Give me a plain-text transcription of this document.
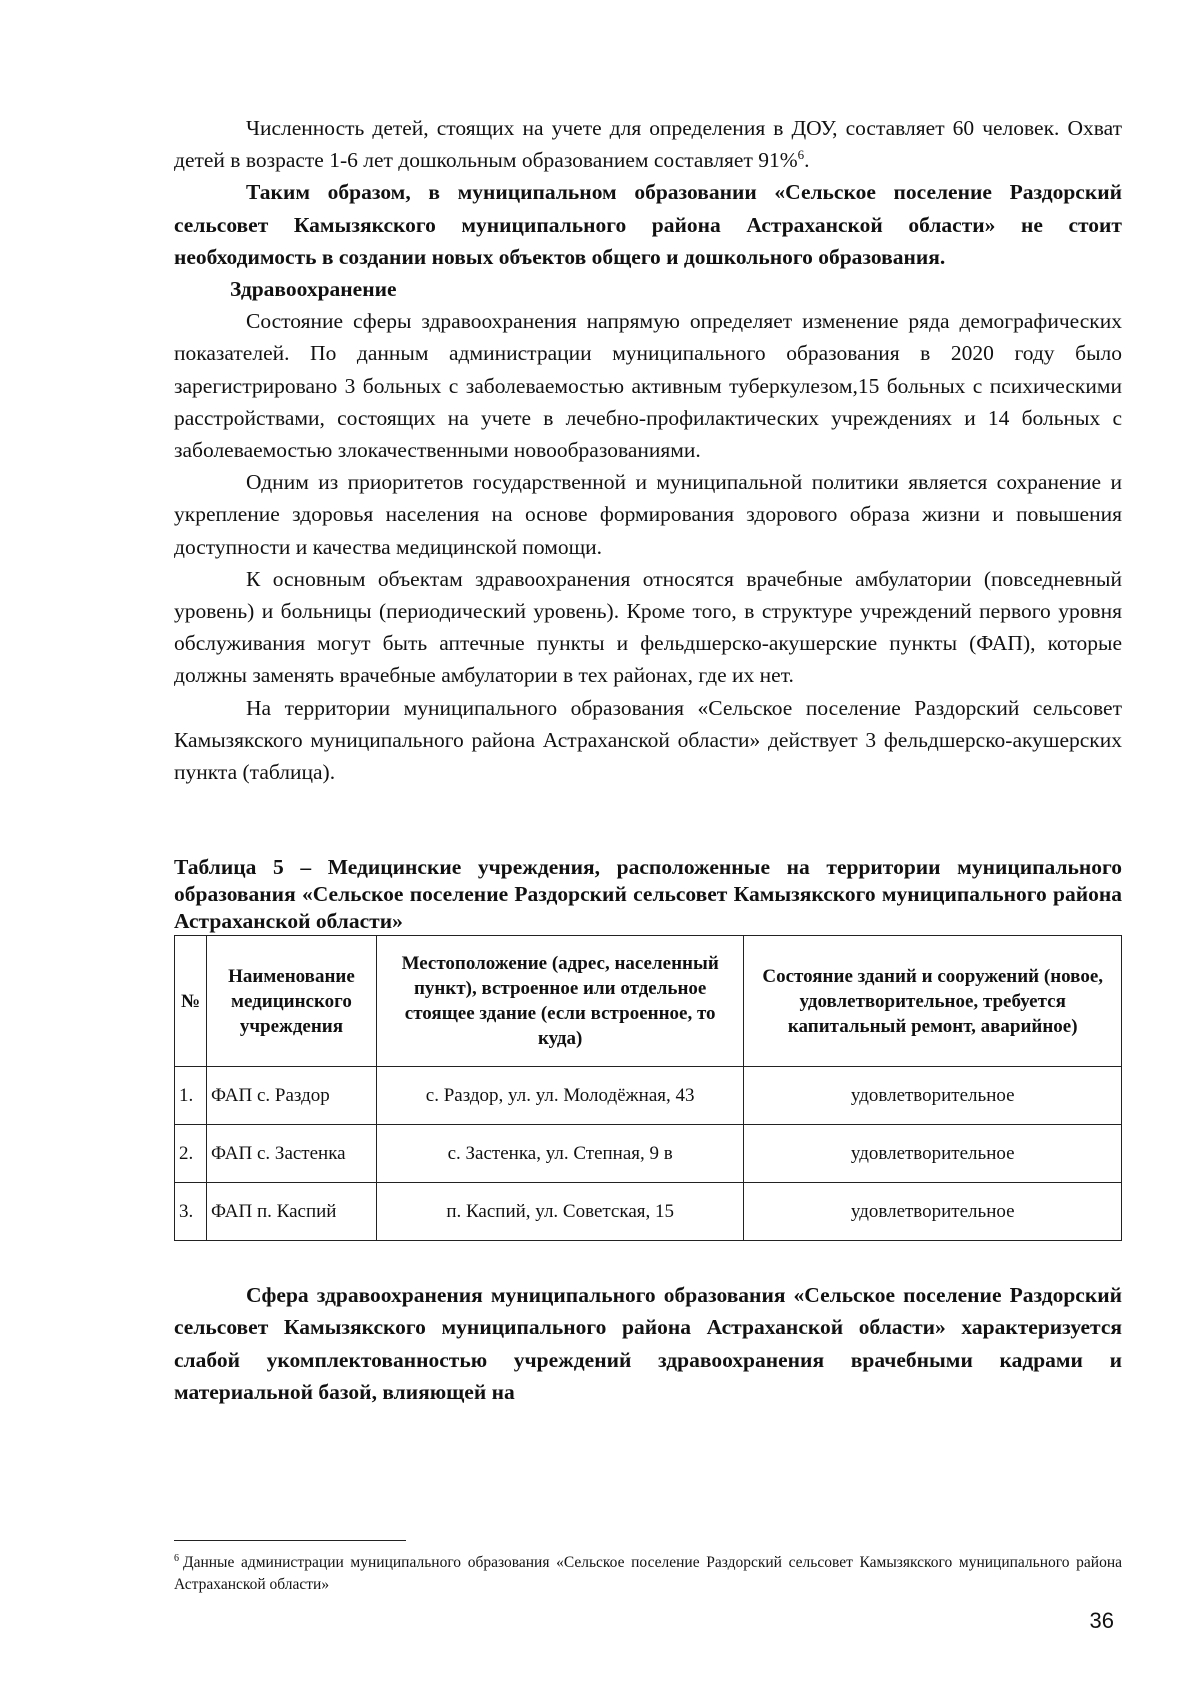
Численность детей, стоящих на учете для определения в ДОУ, составляет 60 человек. Охват детей в возрасте 1-6 лет дошкольным образованием составляет 91%$^6$.

Таким образом, в муниципальном образовании «Сельское поселение Раздорский сельсовет Камызякского муниципального района Астраханской области» не стоит необходимость в создании новых объектов общего и дошкольного образования.

Здравоохранение

Состояние сферы здравоохранения напрямую определяет изменение ряда демографических показателей. По данным администрации муниципального образования в 2020 году было зарегистрировано 3 больных с заболеваемостью активным туберкулезом,15 больных с психическими расстройствами, состоящих на учете в лечебно-профилактических учреждениях и 14 больных с заболеваемостью злокачественными новообразованиями.

Одним из приоритетов государственной и муниципальной политики является сохранение и укрепление здоровья населения на основе формирования здорового образа жизни и повышения доступности и качества медицинской помощи.

К основным объектам здравоохранения относятся врачебные амбулатории (повседневный уровень) и больницы (периодический уровень). Кроме того, в структуре учреждений первого уровня обслуживания могут быть аптечные пункты и фельдшерско-акушерские пункты (ФАП), которые должны заменять врачебные амбулатории в тех районах, где их нет.

На территории муниципального образования «Сельское поселение Раздорский сельсовет Камызякского муниципального района Астраханской области» действует 3 фельдшерско-акушерских пункта (таблица).

Таблица 5 – Медицинские учреждения, расположенные на территории муниципального образования «Сельское поселение Раздорский сельсовет Камызякского муниципального района Астраханской области»

№	Наименование медицинского учреждения	Местоположение (адрес, населенный пункт), встроенное или отдельное стоящее здание (если встроенное, то куда)	Состояние зданий и сооружений (новое, удовлетворительное, требуется капитальный ремонт, аварийное)
1.	ФАП с. Раздор	с. Раздор, ул. ул. Молодёжная, 43	удовлетворительное
2.	ФАП с. Застенка	с. Застенка, ул. Степная, 9 в	удовлетворительное
3.	ФАП п. Каспий	п. Каспий, ул. Советская, 15	удовлетворительное

Сфера здравоохранения муниципального образования «Сельское поселение Раздорский сельсовет Камызякского муниципального района Астраханской области» характеризуется слабой укомплектованностью учреждений здравоохранения врачебными кадрами и материальной базой, влияющей на

$^6$ Данные администрации муниципального образования «Сельское поселение Раздорский сельсовет Камызякского муниципального района Астраханской области»
36
